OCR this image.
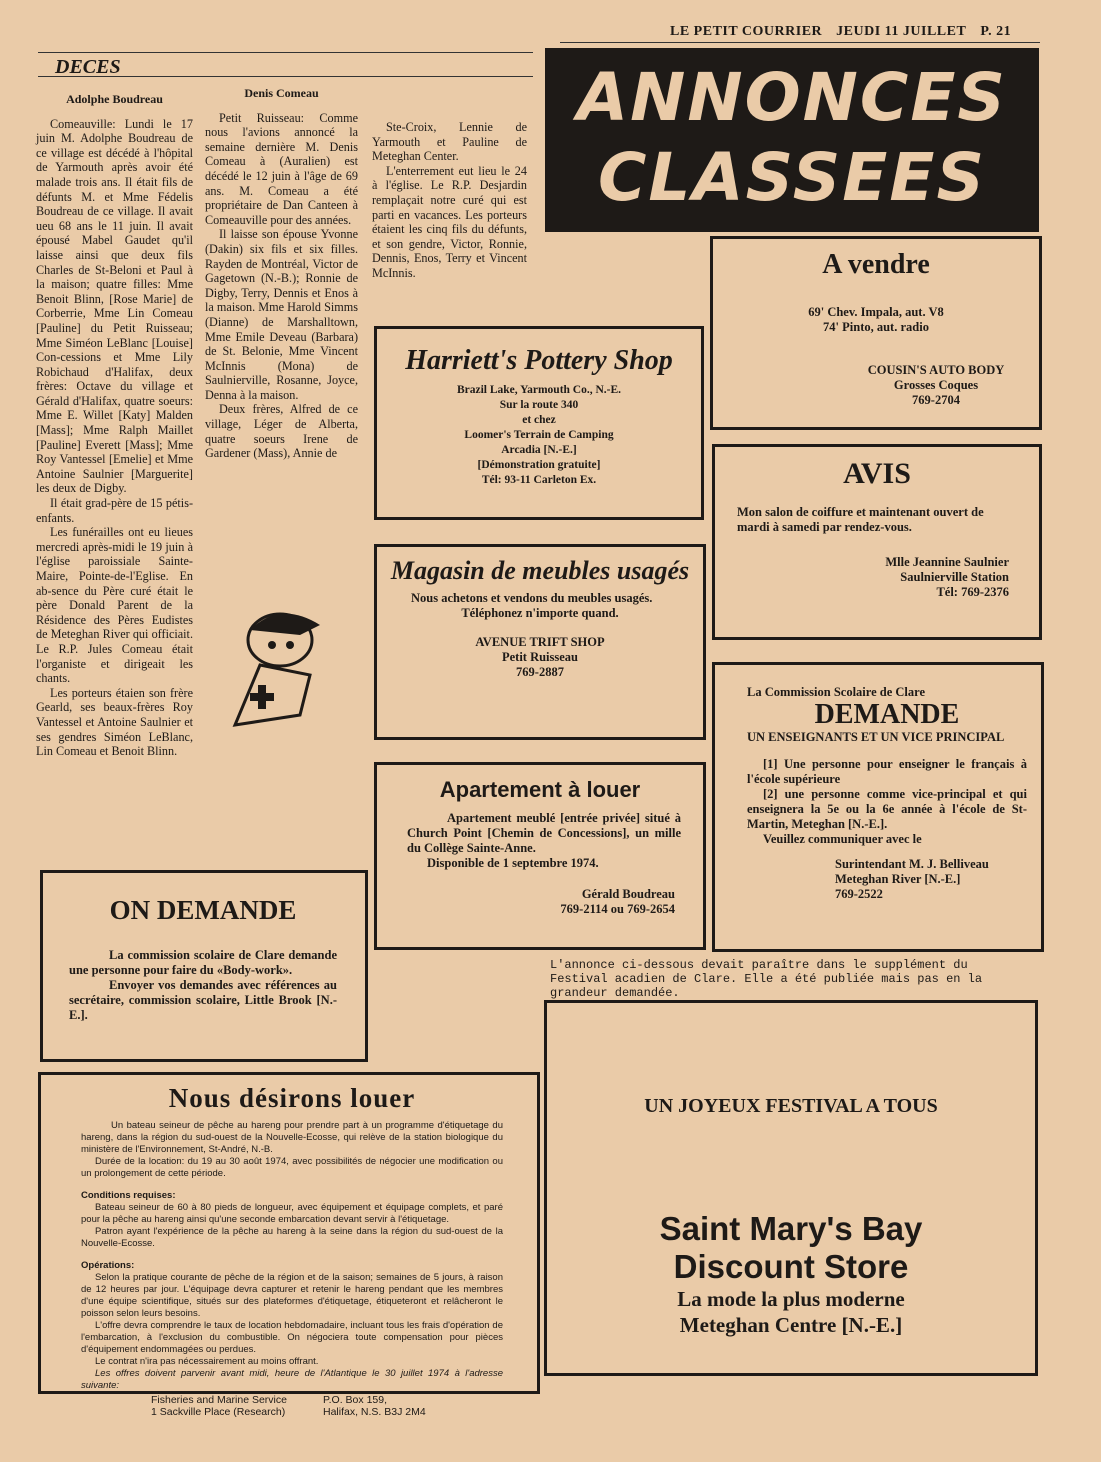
LE PETIT COURRIER JEUDI 11 JUILLET P. 21
DECES
Adolphe Boudreau

Comeauville: Lundi le 17 juin M. Adolphe Boudreau de ce village est décédé à l'hôpital de Yarmouth après avoir été malade trois ans. Il était fils de défunts M. et Mme Fédelis Boudreau de ce village. Il avait ueu 68 ans le 11 juin. Il avait épousé Mabel Gaudet qu'il laisse ainsi que deux fils Charles de St-Beloni et Paul à la maison; quatre filles: Mme Benoit Blinn, [Rose Marie] de Corberrie, Mme Lin Comeau [Pauline] du Petit Ruisseau; Mme Siméon LeBlanc [Louise] Con-cessions et Mme Lily Robichaud d'Halifax, deux frères: Octave du village et Gérald d'Halifax, quatre soeurs: Mme E. Willet [Katy] Malden [Mass]; Mme Ralph Maillet [Pauline] Everett [Mass]; Mme Roy Vantessel [Emelie] et Mme Antoine Saulnier [Marguerite] les deux de Digby.

Il était grad-père de 15 pétis-enfants.

Les funérailles ont eu lieues mercredi après-midi le 19 juin à l'église paroissiale Sainte-Maire, Pointe-de-l'Eglise. En ab-sence du Père curé était le père Donald Parent de la Résidence des Pères Eudistes de Meteghan River qui officiait. Le R.P. Jules Comeau était l'organiste et dirigeait les chants.

Les porteurs étaien son frère Gearld, ses beaux-frères Roy Vantessel et Antoine Saulnier et ses gendres Siméon LeBlanc, Lin Comeau et Benoit Blinn.

Denis Comeau

Petit Ruisseau: Comme nous l'avions annoncé la semaine dernière M. Denis Comeau à (Auralien) est décédé le 12 juin à l'âge de 69 ans. M. Comeau a été propriétaire de Dan Canteen à Comeauville pour des années.

Il laisse son épouse Yvonne (Dakin) six fils et six filles. Rayden de Montréal, Victor de Gagetown (N.-B.); Ronnie de Digby, Terry, Dennis et Enos à la maison. Mme Harold Simms (Dianne) de Marshalltown, Mme Emile Deveau (Barbara) de St. Belonie, Mme Vincent McInnis (Mona) de Saulnierville, Rosanne, Joyce, Denna à la maison.

Deux frères, Alfred de ce village, Léger de Alberta, quatre soeurs Irene de Gardener (Mass), Annie de

Ste-Croix, Lennie de Yarmouth et Pauline de Meteghan Center.

L'enterrement eut lieu le 24 à l'église. Le R.P. Desjardin remplaçait notre curé qui est parti en vacances. Les porteurs étaient les cinq fils du défunts, et son gendre, Victor, Ronnie, Dennis, Enos, Terry et Vincent McInnis.

ANNONCES
CLASSEES
A vendre
69' Chev. Impala, aut. V8
74' Pinto, aut. radio
COUSIN'S AUTO BODY
Grosses Coques
769-2704
Harriett's Pottery Shop
Brazil Lake, Yarmouth Co., N.-E.
Sur la route 340
et chez
Loomer's Terrain de Camping
Arcadia [N.-E.]
[Démonstration gratuite]
Tél: 93-11 Carleton Ex.	AVIS
Mon salon de coiffure et maintenant ouvert de mardi à samedi par rendez-vous.
Mlle Jeannine Saulnier
Saulnierville Station
Tél: 769-2376
Magasin de meubles usagés
Nous achetons et vendons du meubles usagés.
Téléphonez n'importe quand.
AVENUE TRIFT SHOP
Petit Ruisseau
769-2887
La Commission Scolaire de Clare
DEMANDE
UN ENSEIGNANTS ET UN VICE PRINCIPAL
[1] Une personne pour enseigner le français à l'école supérieure
[2] une personne comme vice-principal et qui enseignera la 5e ou la 6e année à l'école de St-Martin, Meteghan [N.-E.].
Veuillez communiquer avec le
Surintendant M. J. Belliveau
Meteghan River [N.-E.]
769-2522
Apartement à louer
Apartement meublé [entrée privée] situé à Church Point [Chemin de Concessions], un mille du Collège Sainte-Anne.
Disponible de 1 septembre 1974.
Gérald Boudreau
769-2114 ou 769-2654
ON DEMANDE
La commission scolaire de Clare demande une personne pour faire du «Body-work».
Envoyer vos demandes avec références au secrétaire, commission scolaire, Little Brook [N.-E.].
L'annonce ci-dessous devait paraître dans le supplément du Festival acadien de Clare. Elle a été publiée mais pas en la grandeur demandée.
UN JOYEUX FESTIVAL A TOUS
Saint Mary's Bay
Discount Store
La mode la plus moderne
Meteghan Centre [N.-E.]
Nous désirons louer

Un bateau seineur de pêche au hareng pour prendre part à un programme d'étiquetage du hareng, dans la région du sud-ouest de la Nouvelle-Ecosse, qui relève de la station biologique du ministère de l'Environnement, St-André, N.-B.

Durée de la location: du 19 au 30 août 1974, avec possibilités de négocier une modification ou un prolongement de cette période.

Conditions requises:

Bateau seineur de 60 à 80 pieds de longueur, avec équipement et équipage complets, et paré pour la pêche au hareng ainsi qu'une seconde embarcation devant servir à l'étiquetage.

Patron ayant l'expérience de la pêche au hareng à la seine dans la région du sud-ouest de la Nouvelle-Ecosse.

Opérations:

Selon la pratique courante de pêche de la région et de la saison; semaines de 5 jours, à raison de 12 heures par jour. L'équipage devra capturer et retenir le hareng pendant que les membres d'une équipe scientifique, situés sur des plateformes d'étiquetage, étiqueteront et relâcheront le poisson selon leurs besoins.

L'offre devra comprendre le taux de location hebdomadaire, incluant tous les frais d'opération de l'embarcation, à l'exclusion du combustible. On négociera toute compensation pour pièces d'équipement endommagées ou perdues.

Le contrat n'ira pas nécessairement au moins offrant.

Les offres doivent parvenir avant midi, heure de l'Atlantique le 30 juillet 1974 à l'adresse suivante:

Fisheries and Marine Service
1 Sackville Place (Research)
P.O. Box 159,
Halifax, N.S. B3J 2M4
